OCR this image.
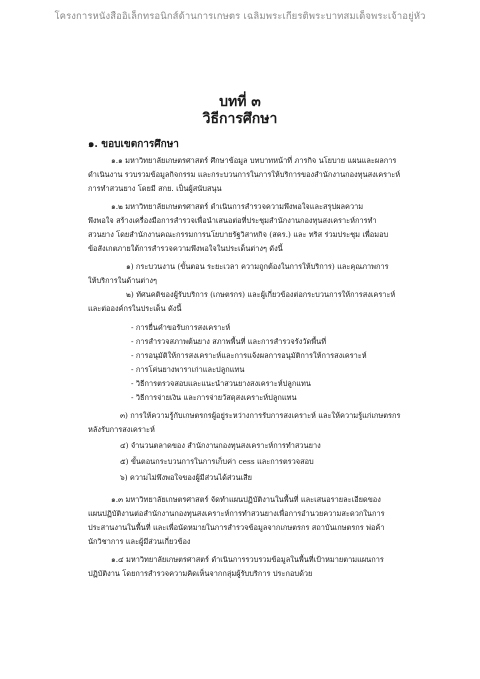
โครงการหนังสืออิเล็กทรอนิกส์ด้านการเกษตร เฉลิมพระเกียรติพระบาทสมเด็จพระเจ้าอยู่หัว
บทที่ ๓
วิธีการศึกษา
๑. ขอบเขตการศึกษา
๑.๑ มหาวิทยาลัยเกษตรศาสตร์ ศึกษาข้อมูล บทบาทหน้าที่ ภารกิจ นโยบาย แผนและผลการ
ดำเนินงาน รวบรวมข้อมูลกิจกรรม และกระบวนการในการให้บริการของสำนักงานกองทุนสงเคราะห์
การทำสวนยาง โดยมี สกย. เป็นผู้สนับสนุน
๑.๒ มหาวิทยาลัยเกษตรศาสตร์ ดำเนินการสำรวจความพึงพอใจและสรุปผลความ
พึงพอใจ สร้างเครื่องมือการสำรวจเพื่อนำเสนอต่อที่ประชุมสำนักงานกองทุนสงเคราะห์การทำ
สวนยาง โดยสำนักงานคณะกรรมการนโยบายรัฐวิสาหกิจ (สคร.) และ ทริส ร่วมประชุม เพื่อมอบ
ข้อสังเกตภายใต้การสำรวจความพึงพอใจในประเด็นต่างๆ ดังนี้
๑) กระบวนงาน (ขั้นตอน ระยะเวลา ความถูกต้องในการให้บริการ) และคุณภาพการ
ให้บริการในด้านต่างๆ
๒) ทัศนคติของผู้รับบริการ (เกษตรกร) และผู้เกี่ยวข้องต่อกระบวนการให้การสงเคราะห์
และต่อองค์กรในประเด็น ดังนี้
- การยื่นคำขอรับการสงเคราะห์
- การสำรวจสภาพต้นยาง สภาพพื้นที่ และการสำรวจรังวัดพื้นที่
- การอนุมัติให้การสงเคราะห์และการแจ้งผลการอนุมัติการให้การสงเคราะห์
- การโค่นยางพาราเก่าและปลูกแทน
- วิธีการตรวจสอบและแนะนำสวนยางสงเคราะห์ปลูกแทน
- วิธีการจ่ายเงิน และการจ่ายวัสดุสงเคราะห์ปลูกแทน
๓) การให้ความรู้กับเกษตรกรผู้อยู่ระหว่างการรับการสงเคราะห์ และให้ความรู้แก่เกษตรกร
หลังรับการสงเคราะห์
๔) จำนวนตลาดของ สำนักงานกองทุนสงเคราะห์การทำสวนยาง
๕) ขั้นตอนกระบวนการในการเก็บค่า cess และการตรวจสอบ
๖) ความไม่พึงพอใจของผู้มีส่วนได้ส่วนเสีย
๑.๓ มหาวิทยาลัยเกษตรศาสตร์ จัดทำแผนปฏิบัติงานในพื้นที่ และเสนอรายละเอียดของ
แผนปฏิบัติงานต่อสำนักงานกองทุนสงเคราะห์การทำสวนยางเพื่อการอำนวยความสะดวกในการ
ประสานงานในพื้นที่ และเพื่อนัดหมายในการสำรวจข้อมูลจากเกษตรกร สถาบันเกษตรกร พ่อค้า
นักวิชาการ และผู้มีส่วนเกี่ยวข้อง
๑.๔ มหาวิทยาลัยเกษตรศาสตร์ ดำเนินการรวบรวมข้อมูลในพื้นที่เป้าหมายตามแผนการ
ปฏิบัติงาน โดยการสำรวจความคิดเห็นจากกลุ่มผู้รับบริการ ประกอบด้วย
